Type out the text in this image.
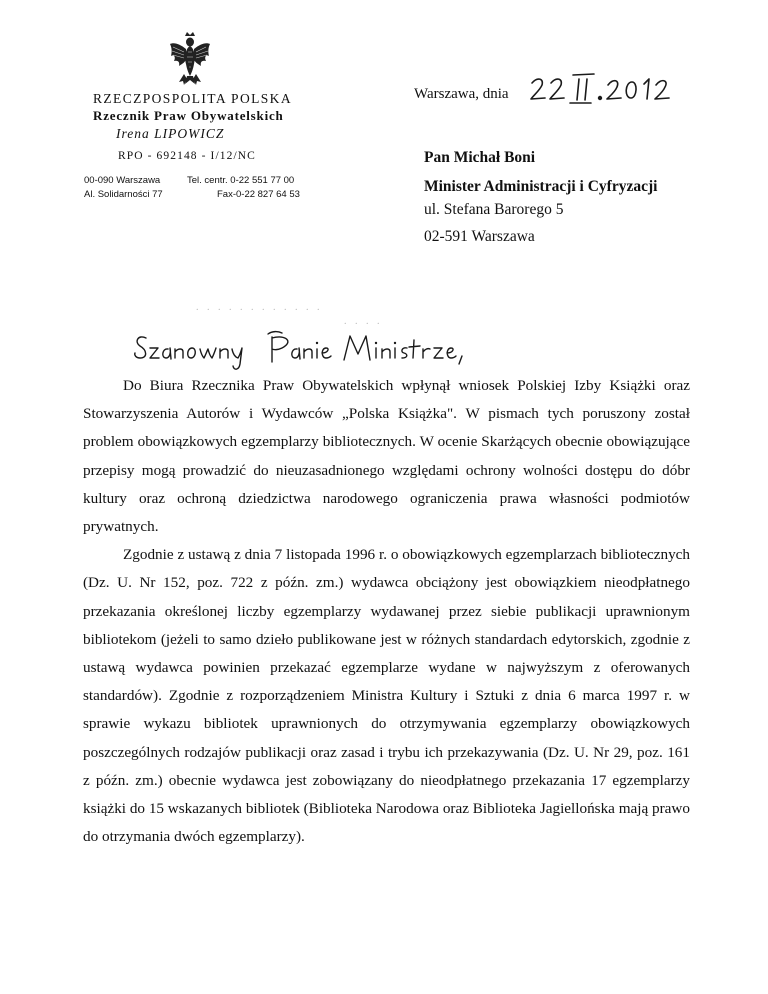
RZECZPOSPOLITA POLSKA
Rzecznik Praw Obywatelskich
Irena LIPOWICZ
RPO - 692148 - I/12/NC
00-090 Warszawa
Al. Solidarności 77
Tel. centr. 0-22 551 77 00
Fax-0-22 827 64 53
Warszawa, dnia
Pan Michał Boni
Minister Administracji i Cyfryzacji
ul. Stefana Barorego 5
02-591 Warszawa
. . . . . . . . . . . .
. . . .

Do Biura Rzecznika Praw Obywatelskich wpłynął wniosek Polskiej Izby Książki oraz Stowarzyszenia Autorów i Wydawców „Polska Książka". W pismach tych poruszony został problem obowiązkowych egzemplarzy bibliotecznych. W ocenie Skarżących obecnie obowiązujące przepisy mogą prowadzić do nieuzasadnionego względami ochrony wolności dostępu do dóbr kultury oraz ochroną dziedzictwa narodowego ograniczenia prawa własności podmiotów prywatnych.

Zgodnie z ustawą z dnia 7 listopada 1996 r. o obowiązkowych egzemplarzach bibliotecznych (Dz. U. Nr 152, poz. 722 z późn. zm.) wydawca obciążony jest obowiązkiem nieodpłatnego przekazania określonej liczby egzemplarzy wydawanej przez siebie publikacji uprawnionym bibliotekom (jeżeli to samo dzieło publikowane jest w różnych standardach edytorskich, zgodnie z ustawą wydawca powinien przekazać egzemplarze wydane w najwyższym z oferowanych standardów). Zgodnie z rozporządzeniem Ministra Kultury i Sztuki z dnia 6 marca 1997 r. w sprawie wykazu bibliotek uprawnionych do otrzymywania egzemplarzy obowiązkowych poszczególnych rodzajów publikacji oraz zasad i trybu ich przekazywania (Dz. U. Nr 29, poz. 161 z późn. zm.) obecnie wydawca jest zobowiązany do nieodpłatnego przekazania 17 egzemplarzy książki do 15 wskazanych bibliotek (Biblioteka Narodowa oraz Biblioteka Jagiellońska mają prawo do otrzymania dwóch egzemplarzy).
